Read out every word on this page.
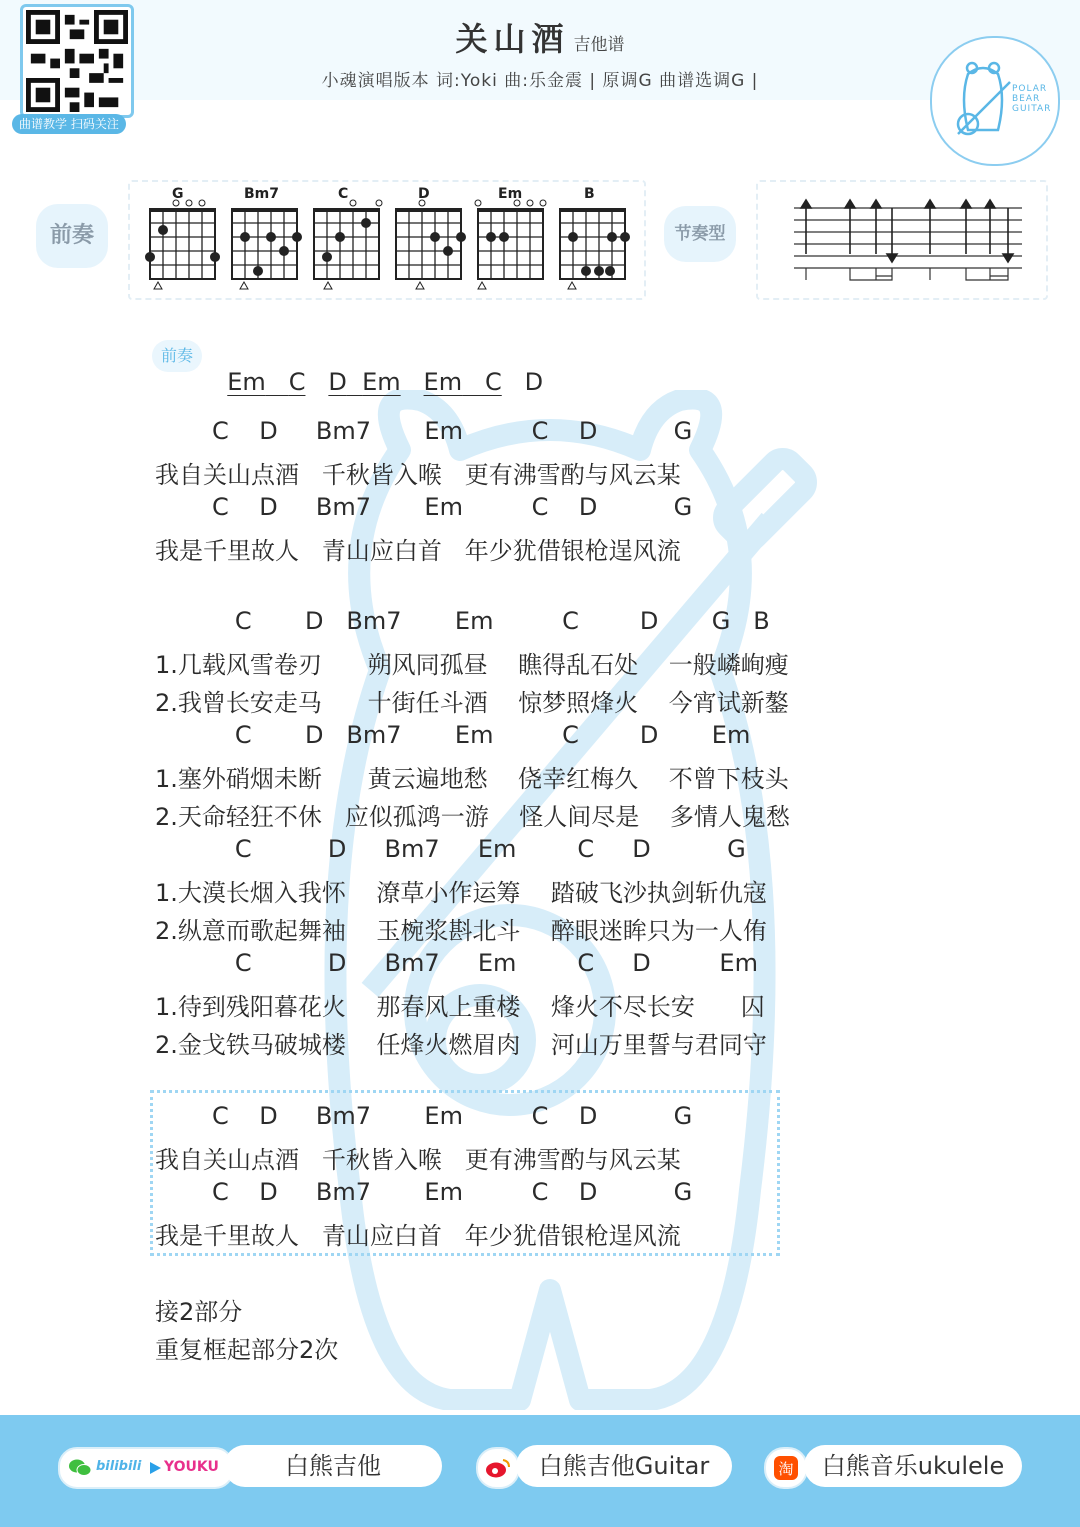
曲谱教学 扫码关注
关山酒 吉他谱
小魂演唱版本 词:Yoki 曲:乐金震 | 原调G 曲谱选调G |	POLAR
BEAR
GUITAR
前奏
G	Bm7	C	D	Em	B
节奏型
前奏

Em C D Em Em C D

C    D     Bm7       Em         C    D          G
我自关山点酒   千秋皆入喉   更有沸雪酌与风云某
C    D     Bm7       Em         C    D          G
我是千里故人   青山应白首   年少犹借银枪逞风流
C       D   Bm7       Em         C        D       G   B
1.几载风雪卷刃      朔风同孤昼    瞧得乱石处    一般嶙峋瘦
2.我曾长安走马      十街任斗酒    惊梦照烽火    今宵试新鏊
C       D   Bm7       Em         C        D       Em
1.塞外硝烟未断      黄云遍地愁    侥幸红梅久    不曾下枝头
2.天命轻狂不休   应似孤鸿一游    怪人间尽是    多情人鬼愁
C          D     Bm7     Em        C     D          G
1.大漠长烟入我怀    潦草小作运筹    踏破飞沙执剑斩仇寇
2.纵意而歌起舞袖    玉椀浆斟北斗    醉眼迷眸只为一人侑
C          D     Bm7     Em        C     D         Em
1.待到残阳暮花火    那春风上重楼    烽火不尽长安      囚
2.金戈铁马破城楼    任烽火燃眉肉    河山万里誓与君同守
C    D     Bm7       Em         C    D          G
我自关山点酒   千秋皆入喉   更有沸雪酌与风云某
C    D     Bm7       Em         C    D          G
我是千里故人   青山应白首   年少犹借银枪逞风流
接2部分
重复框起部分2次
bilibili YOUKU	白熊吉他	白熊吉他Guitar	淘	白熊音乐ukulele
